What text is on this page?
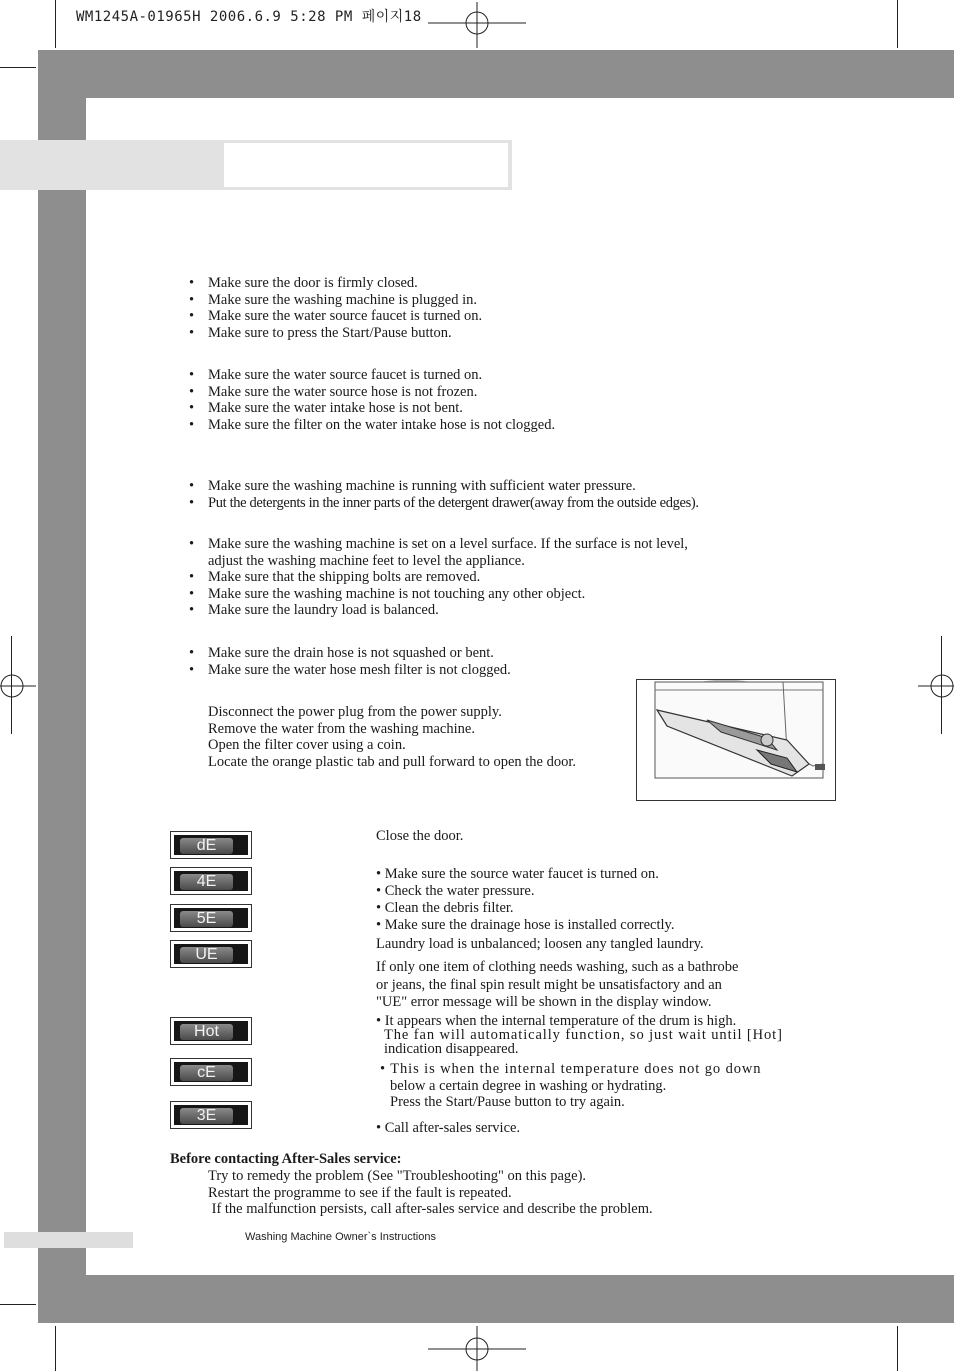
WM1245A-01965H 2006.6.9 5:28 PM 페이지18
• Make sure the door is firmly closed.
• Make sure the washing machine is plugged in.
• Make sure the water source faucet is turned on.
• Make sure to press the Start/Pause button.
• Make sure the water source faucet is turned on.
• Make sure the water source hose is not frozen.
• Make sure the water intake hose is not bent.
• Make sure the filter on the water intake hose is not clogged.
• Make sure the washing machine is running with sufficient water pressure.
• Put the detergents in the inner parts of the detergent drawer(away from the outside edges).
• Make sure the washing machine is set on a level surface. If the surface is not level,
adjust the washing machine feet to level the appliance.
• Make sure that the shipping bolts are removed.
• Make sure the washing machine is not touching any other object.
• Make sure the laundry load is balanced.
• Make sure the drain hose is not squashed or bent.
• Make sure the water hose mesh filter is not clogged.
Disconnect the power plug from the power supply.
Remove the water from the washing machine.
Open the filter cover using a coin.
Locate the orange plastic tab and pull forward to open the door.
dE
4E
5E
UE
Hot
cE
3E
Close the door.
• Make sure the source water faucet is turned on.
• Check the water pressure.
• Clean the debris filter.
• Make sure the drainage hose is installed correctly.
Laundry load is unbalanced; loosen any tangled laundry.
If only one item of clothing needs washing, such as a bathrobe
or jeans, the final spin result might be unsatisfactory and an
"UE" error message will be shown in the display window.
• It appears when the internal temperature of the drum is high.
The fan will automatically function, so just wait until [Hot]
indication disappeared.
• This is when the internal temperature does not go down
below a certain degree in washing or hydrating.
Press the Start/Pause button to try again.
• Call after-sales service.
Before contacting After-Sales service:
Try to remedy the problem (See "Troubleshooting" on this page).
Restart the programme to see if the fault is repeated.
If the malfunction persists, call after-sales service and describe the problem.
Washing Machine Owner`s Instructions
